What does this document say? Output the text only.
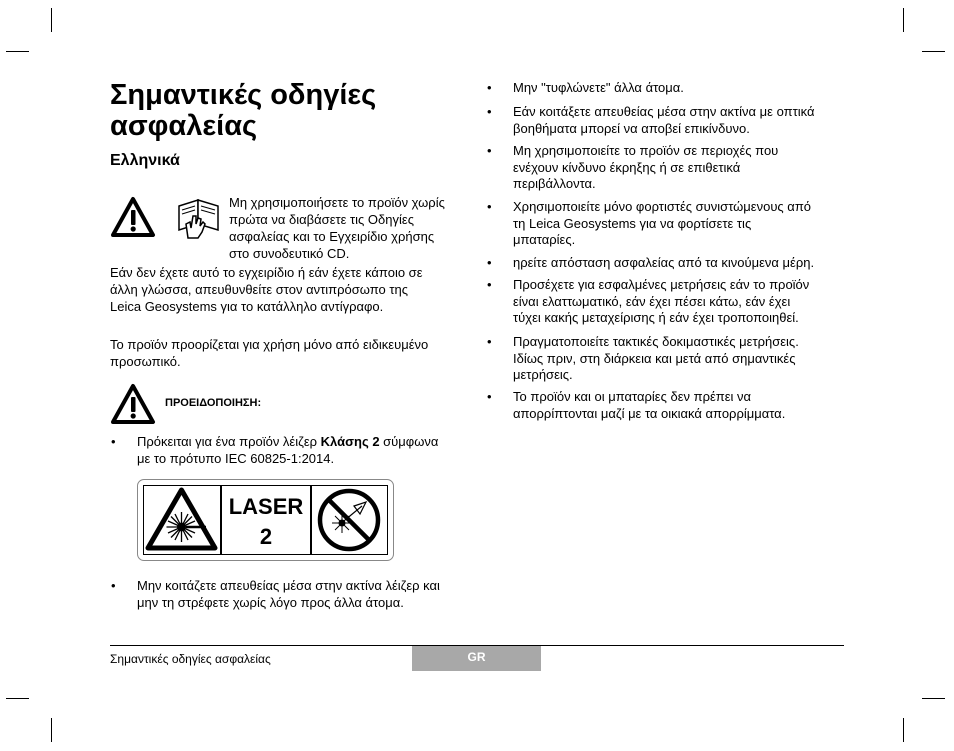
Σημαντικές οδηγίες ασφαλείας
Ελληνικά
Μη χρησιμοποιήσετε το προϊόν χωρίς
πρώτα να διαβάσετε τις Οδηγίες
ασφαλείας και το Εγχειρίδιο χρήσης
στο συνοδευτικό CD.
Εάν δεν έχετε αυτό το εγχειρίδιο ή εάν έχετε κάποιο σε
άλλη γλώσσα, απευθυνθείτε στον αντιπρόσωπο της
Leica Geosystems για το κατάλληλο αντίγραφο.
Το προϊόν προορίζεται για χρήση μόνο από ειδικευμένο
προσωπικό.
ΠΡΟΕΙΔΟΠΟΙΗΣΗ:
• Πρόκειται για ένα προϊόν λέιζερ Κλάσης 2 σύμφωνα
με το πρότυπο IEC 60825-1:2014.
LASER
2
• Μην κοιτάζετε απευθείας μέσα στην ακτίνα λέιζερ και
μην τη στρέφετε χωρίς λόγο προς άλλα άτομα.
• Μην "τυφλώνετε" άλλα άτομα.
• Εάν κοιτάξετε απευθείας μέσα στην ακτίνα με οπτικά
βοηθήματα μπορεί να αποβεί επικίνδυνο.
• Μη χρησιμοποιείτε το προϊόν σε περιοχές που
ενέχουν κίνδυνο έκρηξης ή σε επιθετικά
περιβάλλοντα.
• Χρησιμοποιείτε μόνο φορτιστές συνιστώμενους από
τη Leica Geosystems για να φορτίσετε τις
μπαταρίες.
• ηρείτε απόσταση ασφαλείας από τα κινούμενα μέρη.
• Προσέχετε για εσφαλμένες μετρήσεις εάν το προϊόν
είναι ελαττωματικό, εάν έχει πέσει κάτω, εάν έχει
τύχει κακής μεταχείρισης ή εάν έχει τροποποιηθεί.
• Πραγματοποιείτε τακτικές δοκιμαστικές μετρήσεις.
Ιδίως πριν, στη διάρκεια και μετά από σημαντικές
μετρήσεις.
• Το προϊόν και οι μπαταρίες δεν πρέπει να
απορρίπτονται μαζί με τα οικιακά απορρίμματα.
Σημαντικές οδηγίες ασφαλείας	GR
